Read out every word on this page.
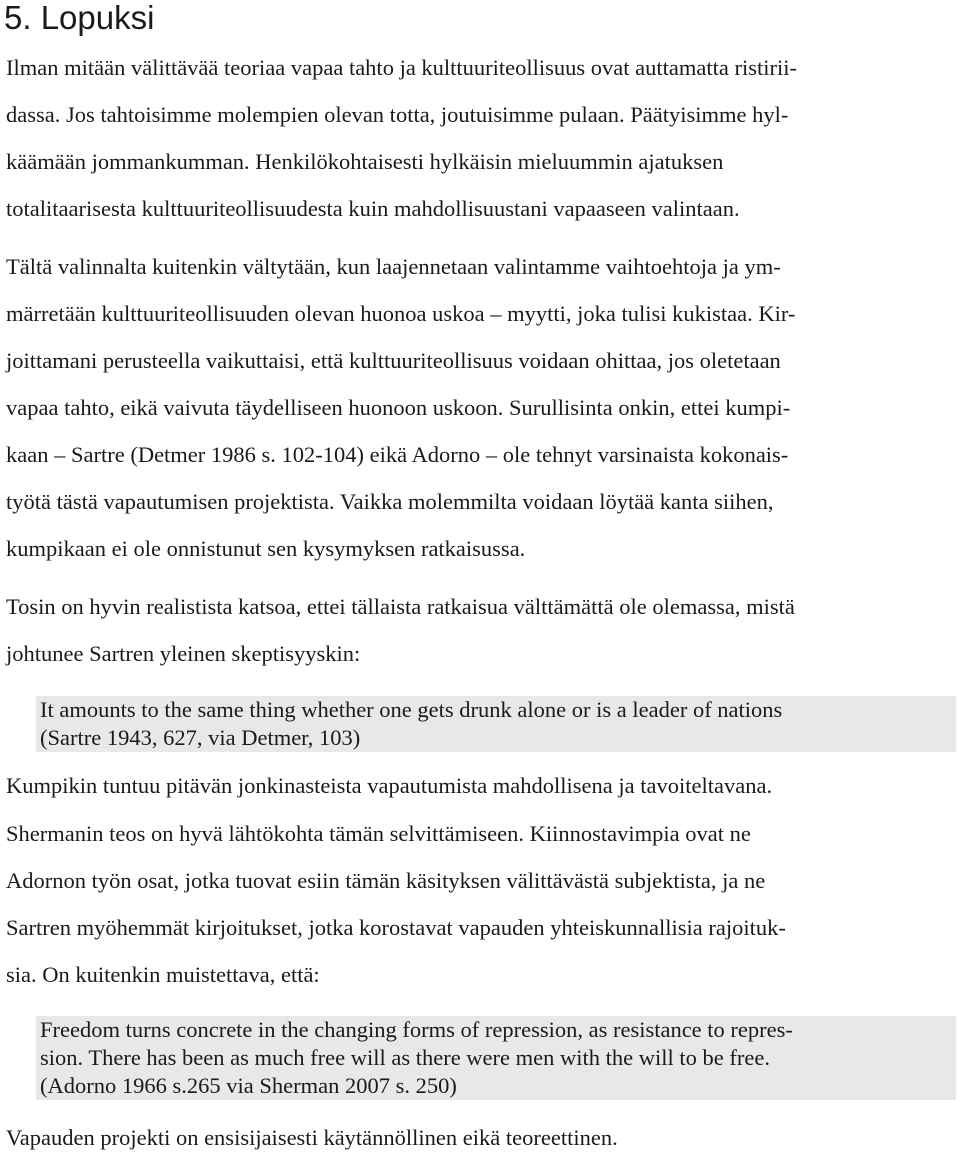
5. Lopuksi

Ilman mitään välittävää teoriaa vapaa tahto ja kulttuuriteollisuus ovat auttamatta ristirii-
dassa. Jos tahtoisimme molempien olevan totta, joutuisimme pulaan. Päätyisimme hyl-
käämään jommankumman. Henkilökohtaisesti hylkäisin mieluummin ajatuksen
totalitaarisesta kulttuuriteollisuudesta kuin mahdollisuustani vapaaseen valintaan.

Tältä valinnalta kuitenkin vältytään, kun laajennetaan valintamme vaihtoehtoja ja ym-
märretään kulttuuriteollisuuden olevan huonoa uskoa – myytti, joka tulisi kukistaa. Kir-
joittamani perusteella vaikuttaisi, että kulttuuriteollisuus voidaan ohittaa, jos oletetaan
vapaa tahto, eikä vaivuta täydelliseen huonoon uskoon. Surullisinta onkin, ettei kumpi-
kaan – Sartre (Detmer 1986 s. 102-104) eikä Adorno – ole tehnyt varsinaista kokonais-
työtä tästä vapautumisen projektista. Vaikka molemmilta voidaan löytää kanta siihen,
kumpikaan ei ole onnistunut sen kysymyksen ratkaisussa.

Tosin on hyvin realistista katsoa, ettei tällaista ratkaisua välttämättä ole olemassa, mistä
johtunee Sartren yleinen skeptisyyskin:

It amounts to the same thing whether one gets drunk alone or is a leader of nations
(Sartre 1943, 627, via Detmer, 103)

Kumpikin tuntuu pitävän jonkinasteista vapautumista mahdollisena ja tavoiteltavana.

Shermanin teos on hyvä lähtökohta tämän selvittämiseen. Kiinnostavimpia ovat ne
Adornon työn osat, jotka tuovat esiin tämän käsityksen välittävästä subjektista, ja ne
Sartren myöhemmät kirjoitukset, jotka korostavat vapauden yhteiskunnallisia rajoituk-
sia. On kuitenkin muistettava, että:

Freedom turns concrete in the changing forms of repression, as resistance to repres-
sion. There has been as much free will as there were men with the will to be free.
(Adorno 1966 s.265 via Sherman 2007 s. 250)

Vapauden projekti on ensisijaisesti käytännöllinen eikä teoreettinen.
